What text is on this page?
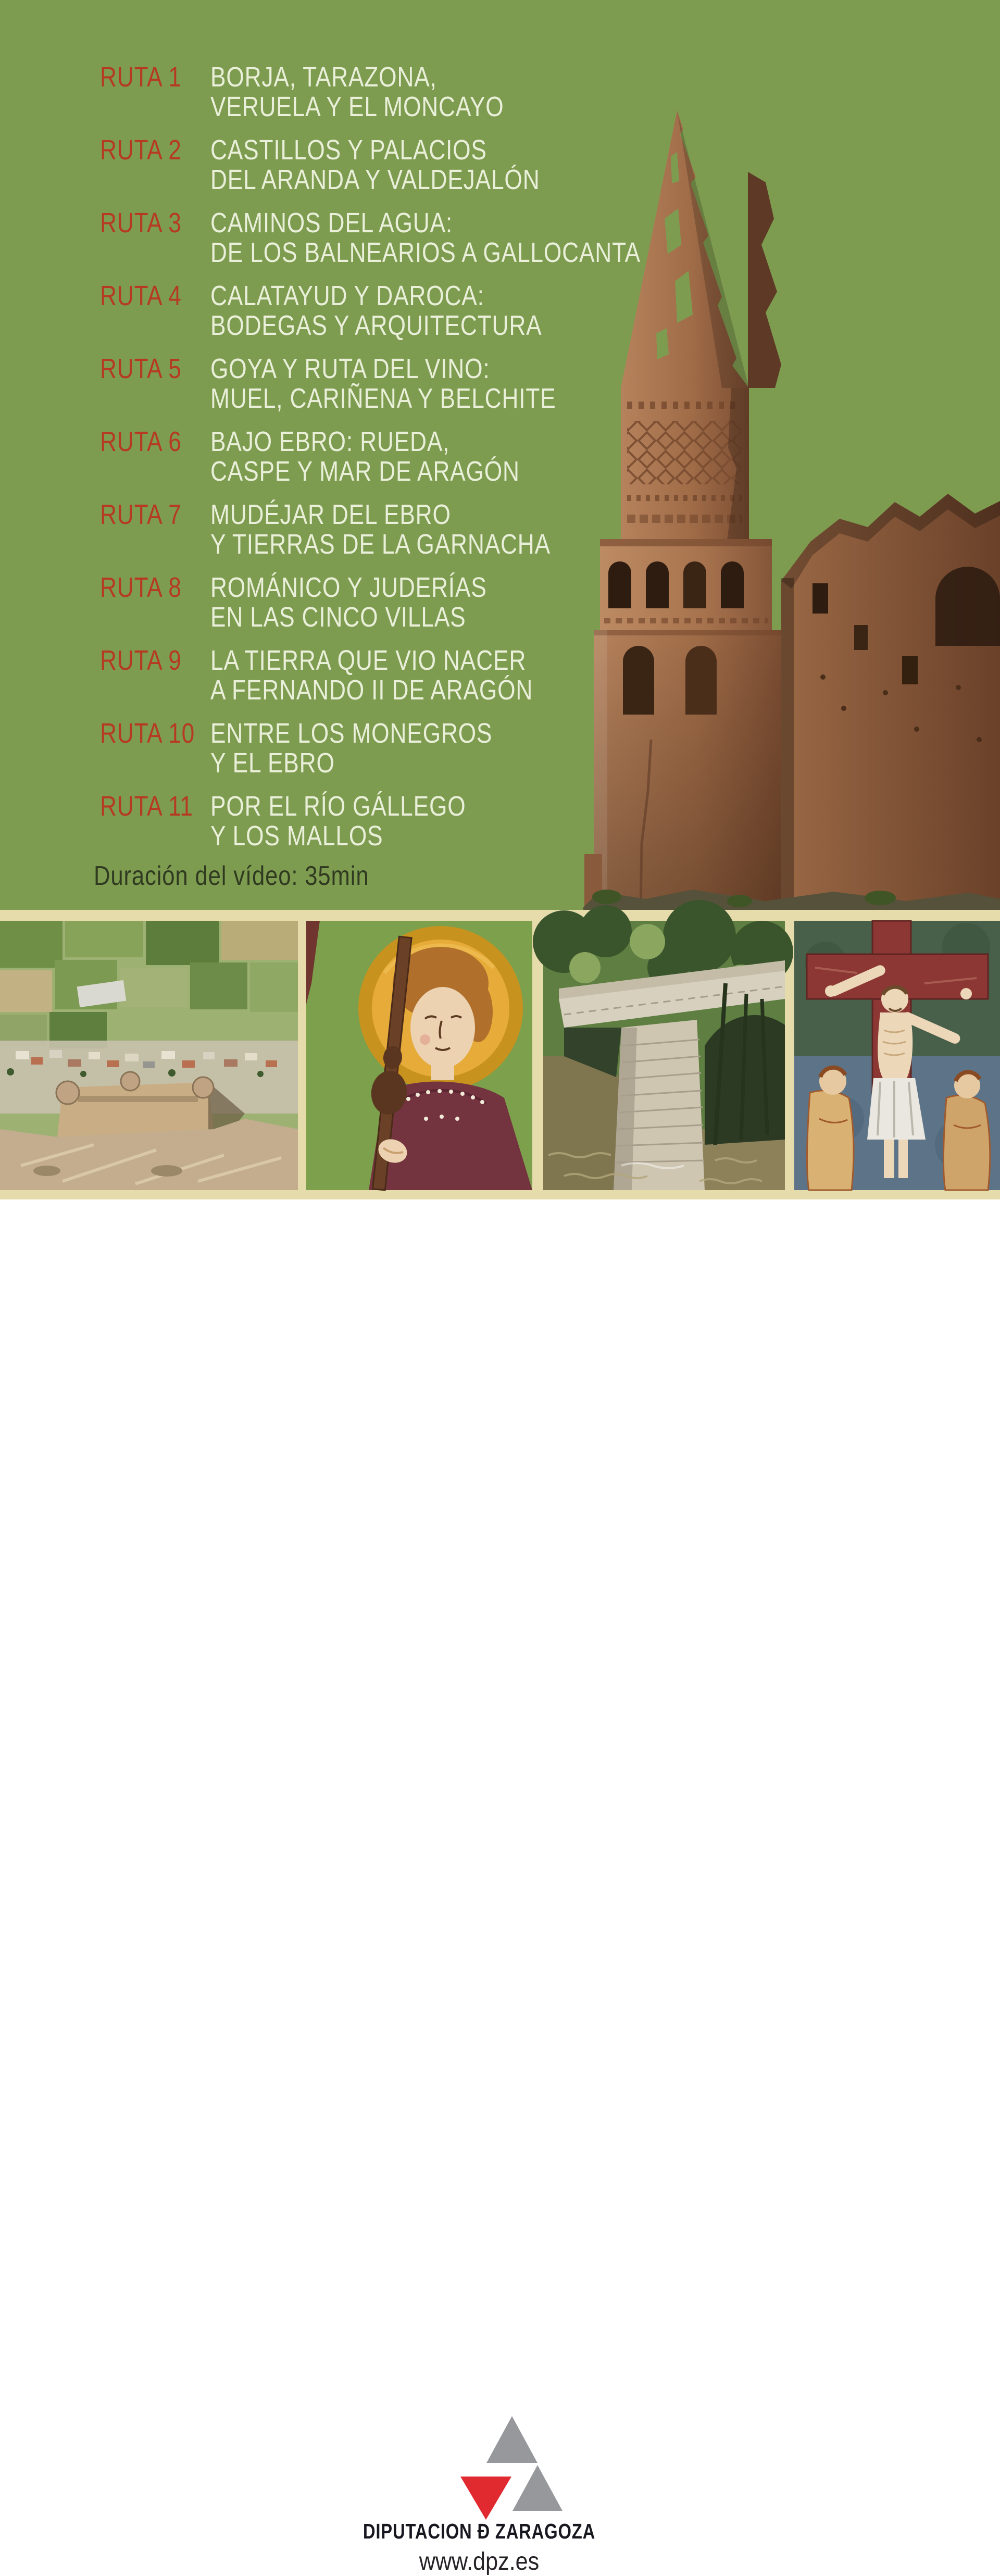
RUTA 1 BORJA, TARAZONA,
VERUELA Y EL MONCAYO
RUTA 2 CASTILLOS Y PALACIOS
DEL ARANDA Y VALDEJALÓN
RUTA 3 CAMINOS DEL AGUA:
DE LOS BALNEARIOS A GALLOCANTA
RUTA 4 CALATAYUD Y DAROCA:
BODEGAS Y ARQUITECTURA
RUTA 5 GOYA Y RUTA DEL VINO:
MUEL, CARIÑENA Y BELCHITE
RUTA 6 BAJO EBRO: RUEDA,
CASPE Y MAR DE ARAGÓN
RUTA 7 MUDÉJAR DEL EBRO
Y TIERRAS DE LA GARNACHA
RUTA 8 ROMÁNICO Y JUDERÍAS
EN LAS CINCO VILLAS
RUTA 9 LA TIERRA QUE VIO NACER
A FERNANDO II DE ARAGÓN
RUTA 10 ENTRE LOS MONEGROS
Y EL EBRO
RUTA 11 POR EL RÍO GÁLLEGO
Y LOS MALLOS
Duración del vídeo: 35min
DIPUTACION Đ ZARAGOZA
www.dpz.es
